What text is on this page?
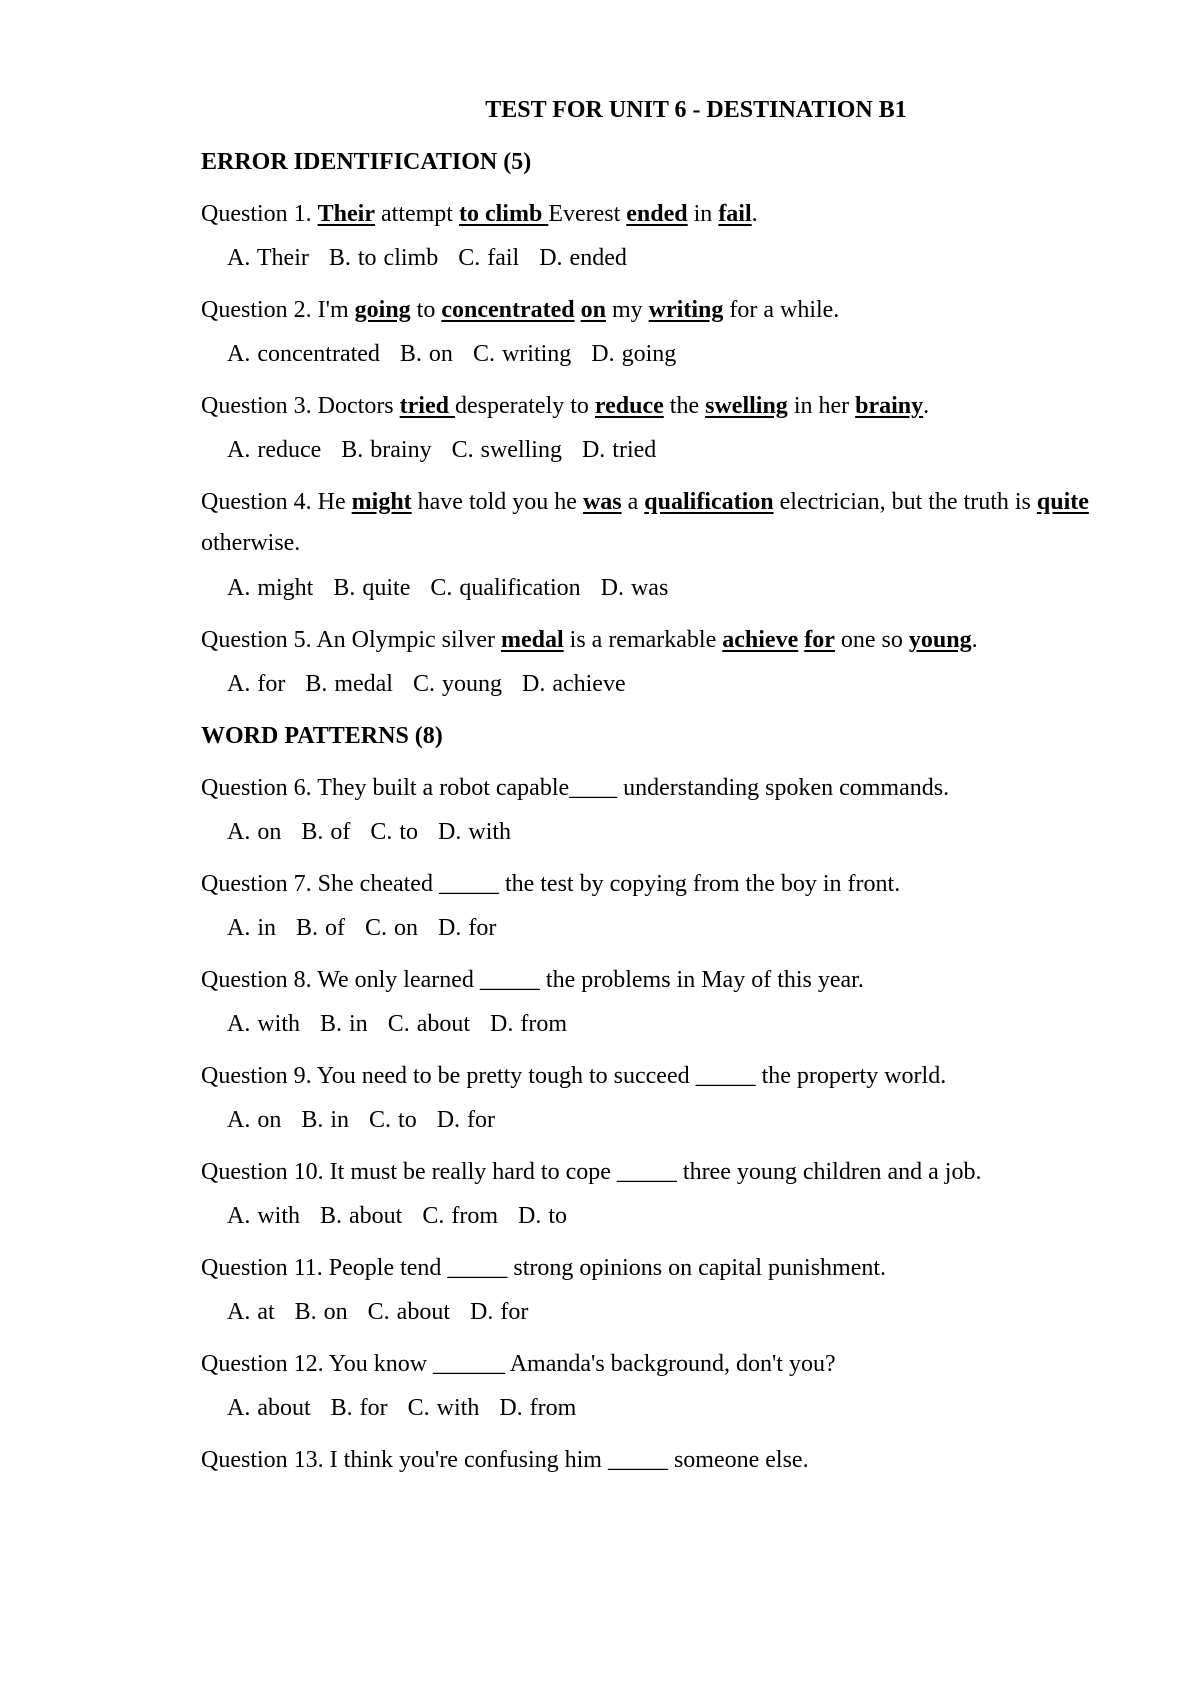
TEST FOR UNIT 6 - DESTINATION B1
ERROR IDENTIFICATION (5)
Question 1. Their attempt to climb Everest ended in fail.
A. Their B. to climb C. fail D. ended
Question 2. I'm going to concentrated on my writing for a while.
A. concentrated B. on C. writing D. going
Question 3. Doctors tried desperately to reduce the swelling in her brainy.
A. reduce B. brainy C. swelling D. tried
Question 4. He might have told you he was a qualification electrician, but the truth is quite otherwise.
A. might B. quite C. qualification D. was
Question 5. An Olympic silver medal is a remarkable achieve for one so young.
A. for B. medal C. young D. achieve
WORD PATTERNS (8)
Question 6. They built a robot capable____ understanding spoken commands.
A. on B. of C. to D. with
Question 7. She cheated _____ the test by copying from the boy in front.
A. in B. of C. on D. for
Question 8. We only learned _____ the problems in May of this year.
A. with B. in C. about D. from
Question 9. You need to be pretty tough to succeed _____ the property world.
A. on B. in C. to D. for
Question 10. It must be really hard to cope _____ three young children and a job.
A. with B. about C. from D. to
Question 11. People tend _____ strong opinions on capital punishment.
A. at B. on C. about D. for
Question 12. You know ______ Amanda's background, don't you?
A. about B. for C. with D. from
Question 13. I think you're confusing him _____ someone else.
